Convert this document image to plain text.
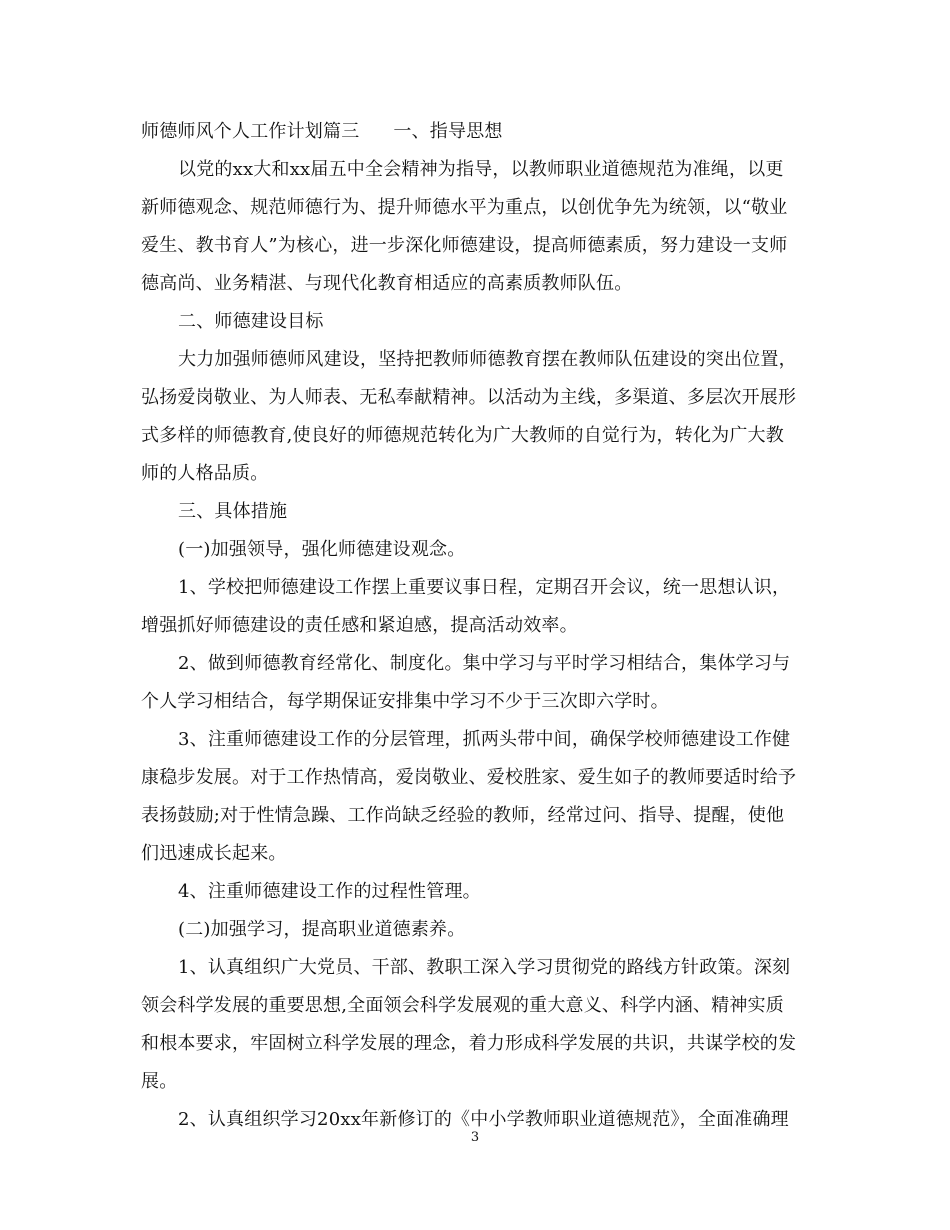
师德师风个人工作计划篇三 一、指导思想
以党的xx大和xx届五中全会精神为指导，以教师职业道德规范为准绳，以更
新师德观念、规范师德行为、提升师德水平为重点，以创优争先为统领，以“敬业
爱生、教书育人”为核心，进一步深化师德建设，提高师德素质，努力建设一支师
德高尚、业务精湛、与现代化教育相适应的高素质教师队伍。
二、师德建设目标
大力加强师德师风建设，坚持把教师师德教育摆在教师队伍建设的突出位置，
弘扬爱岗敬业、为人师表、无私奉献精神。以活动为主线，多渠道、多层次开展形
式多样的师德教育,使良好的师德规范转化为广大教师的自觉行为，转化为广大教
师的人格品质。
三、具体措施
(一)加强领导，强化师德建设观念。
1、学校把师德建设工作摆上重要议事日程，定期召开会议，统一思想认识，
增强抓好师德建设的责任感和紧迫感，提高活动效率。
2、做到师德教育经常化、制度化。集中学习与平时学习相结合，集体学习与
个人学习相结合，每学期保证安排集中学习不少于三次即六学时。
3、注重师德建设工作的分层管理，抓两头带中间，确保学校师德建设工作健
康稳步发展。对于工作热情高，爱岗敬业、爱校胜家、爱生如子的教师要适时给予
表扬鼓励;对于性情急躁、工作尚缺乏经验的教师，经常过问、指导、提醒，使他
们迅速成长起来。
4、注重师德建设工作的过程性管理。
(二)加强学习，提高职业道德素养。
1、认真组织广大党员、干部、教职工深入学习贯彻党的路线方针政策。深刻
领会科学发展的重要思想,全面领会科学发展观的重大意义、科学内涵、精神实质
和根本要求，牢固树立科学发展的理念，着力形成科学发展的共识，共谋学校的发
展。
2、认真组织学习20xx年新修订的《中小学教师职业道德规范》，全面准确理
3
